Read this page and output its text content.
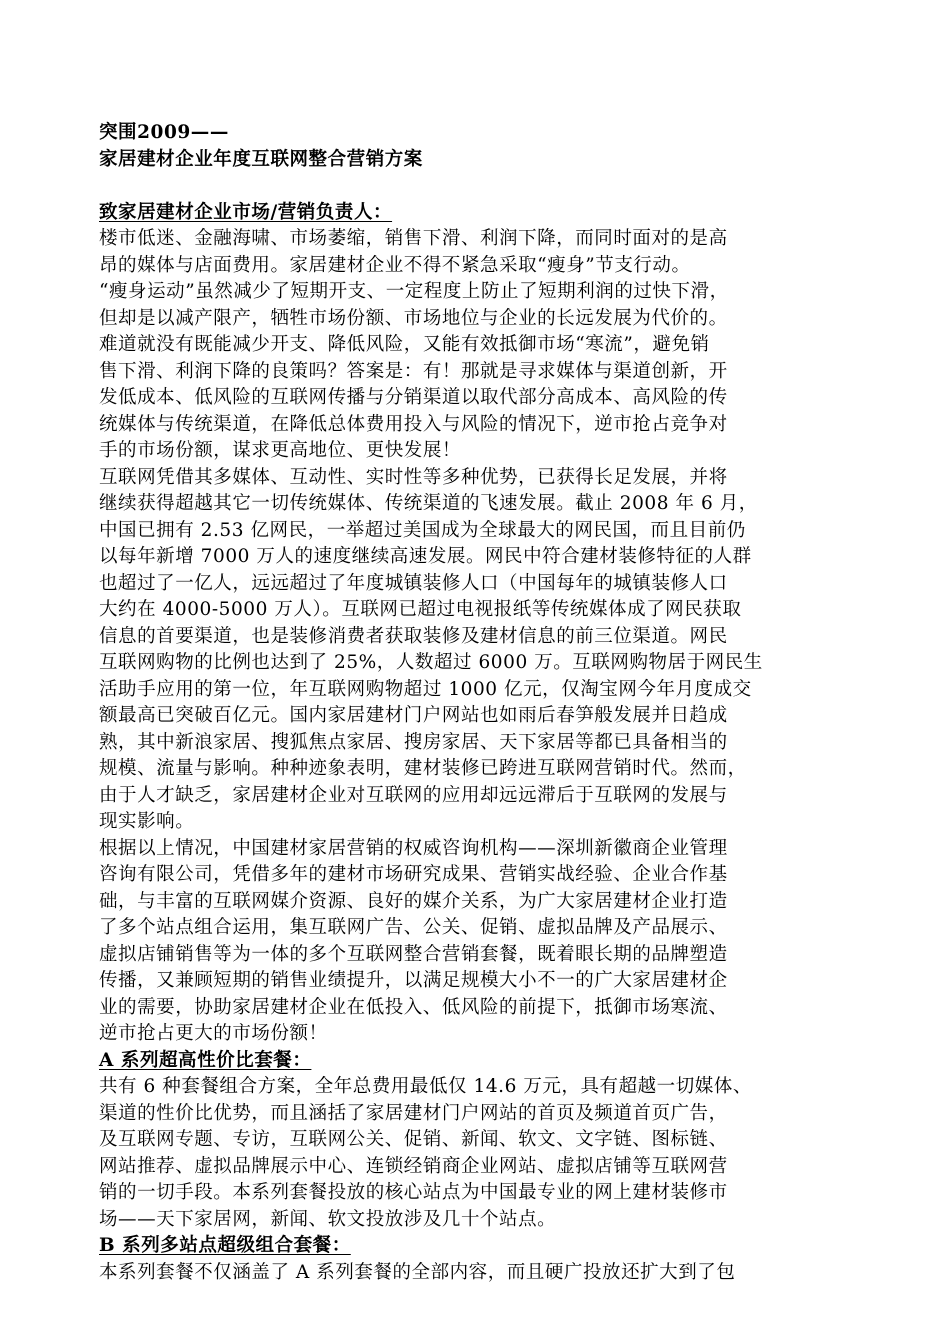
突围2009——

家居建材企业年度互联网整合营销方案

致家居建材企业市场/营销负责人：

楼市低迷、金融海啸、市场萎缩，销售下滑、利润下降，而同时面对的是高
昂的媒体与店面费用。家居建材企业不得不紧急采取“瘦身”节支行动。
“瘦身运动”虽然减少了短期开支、一定程度上防止了短期利润的过快下滑，
但却是以减产限产，牺牲市场份额、市场地位与企业的长远发展为代价的。
难道就没有既能减少开支、降低风险，又能有效抵御市场“寒流”，避免销
售下滑、利润下降的良策吗？答案是：有！那就是寻求媒体与渠道创新，开
发低成本、低风险的互联网传播与分销渠道以取代部分高成本、高风险的传
统媒体与传统渠道，在降低总体费用投入与风险的情况下，逆市抢占竞争对
手的市场份额，谋求更高地位、更快发展！
互联网凭借其多媒体、互动性、实时性等多种优势，已获得长足发展，并将
继续获得超越其它一切传统媒体、传统渠道的飞速发展。截止 2008 年 6 月，
中国已拥有 2.53 亿网民，一举超过美国成为全球最大的网民国，而且目前仍
以每年新增 7000 万人的速度继续高速发展。网民中符合建材装修特征的人群
也超过了一亿人，远远超过了年度城镇装修人口（中国每年的城镇装修人口
大约在 4000-5000 万人）。互联网已超过电视报纸等传统媒体成了网民获取
信息的首要渠道，也是装修消费者获取装修及建材信息的前三位渠道。网民
互联网购物的比例也达到了 25%，人数超过 6000 万。互联网购物居于网民生
活助手应用的第一位，年互联网购物超过 1000 亿元，仅淘宝网今年月度成交
额最高已突破百亿元。国内家居建材门户网站也如雨后春笋般发展并日趋成
熟，其中新浪家居、搜狐焦点家居、搜房家居、天下家居等都已具备相当的
规模、流量与影响。种种迹象表明，建材装修已跨进互联网营销时代。然而，
由于人才缺乏，家居建材企业对互联网的应用却远远滞后于互联网的发展与
现实影响。
根据以上情况，中国建材家居营销的权威咨询机构——深圳新徽商企业管理
咨询有限公司，凭借多年的建材市场研究成果、营销实战经验、企业合作基
础，与丰富的互联网媒介资源、良好的媒介关系，为广大家居建材企业打造
了多个站点组合运用，集互联网广告、公关、促销、虚拟品牌及产品展示、
虚拟店铺销售等为一体的多个互联网整合营销套餐，既着眼长期的品牌塑造
传播，又兼顾短期的销售业绩提升，以满足规模大小不一的广大家居建材企
业的需要，协助家居建材企业在低投入、低风险的前提下，抵御市场寒流、
逆市抢占更大的市场份额！

A 系列超高性价比套餐：

共有 6 种套餐组合方案，全年总费用最低仅 14.6 万元，具有超越一切媒体、
渠道的性价比优势，而且涵括了家居建材门户网站的首页及频道首页广告，
及互联网专题、专访，互联网公关、促销、新闻、软文、文字链、图标链、
网站推荐、虚拟品牌展示中心、连锁经销商企业网站、虚拟店铺等互联网营
销的一切手段。本系列套餐投放的核心站点为中国最专业的网上建材装修市
场——天下家居网，新闻、软文投放涉及几十个站点。

B 系列多站点超级组合套餐：

本系列套餐不仅涵盖了 A 系列套餐的全部内容，而且硬广投放还扩大到了包
